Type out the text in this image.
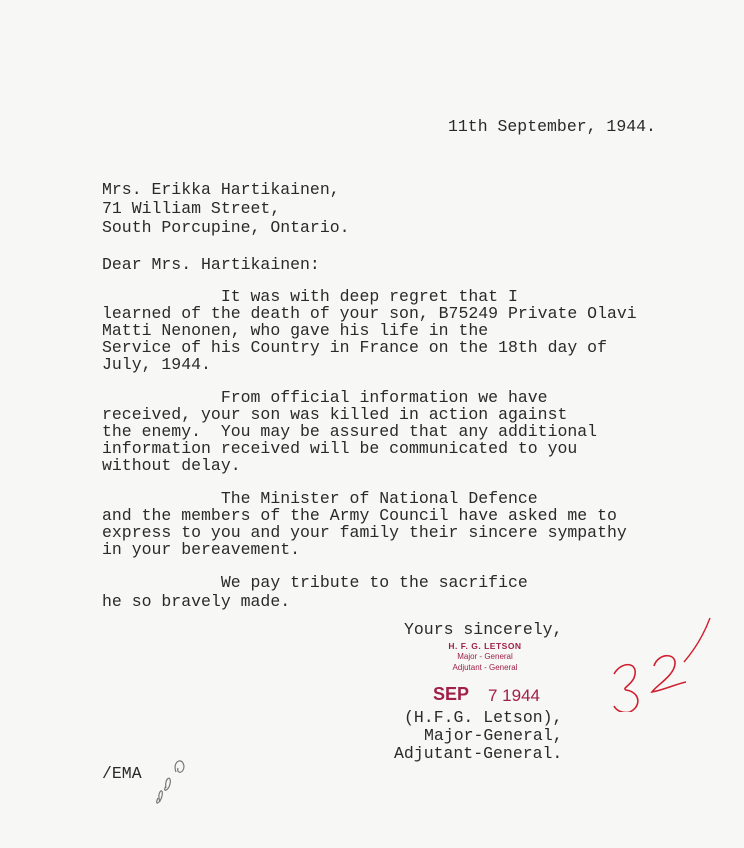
11th September, 1944.
Mrs. Erikka Hartikainen,
71 William Street,
South Porcupine, Ontario.
Dear Mrs. Hartikainen:
It was with deep regret that I
learned of the death of your son, B75249 Private Olavi
Matti Nenonen, who gave his life in the
Service of his Country in France on the 18th day of
July, 1944.
From official information we have
received, your son was killed in action against
the enemy.  You may be assured that any additional
information received will be communicated to you
without delay.
The Minister of National Defence
and the members of the Army Council have asked me to
express to you and your family their sincere sympathy
in your bereavement.
We pay tribute to the sacrifice
he so bravely made.
Yours sincerely,
H. F. G. LETSON
Major - General
Adjutant - General
SEP 7 1944
(H.F.G. Letson),
Major-General,
Adjutant-General.
/EMA
